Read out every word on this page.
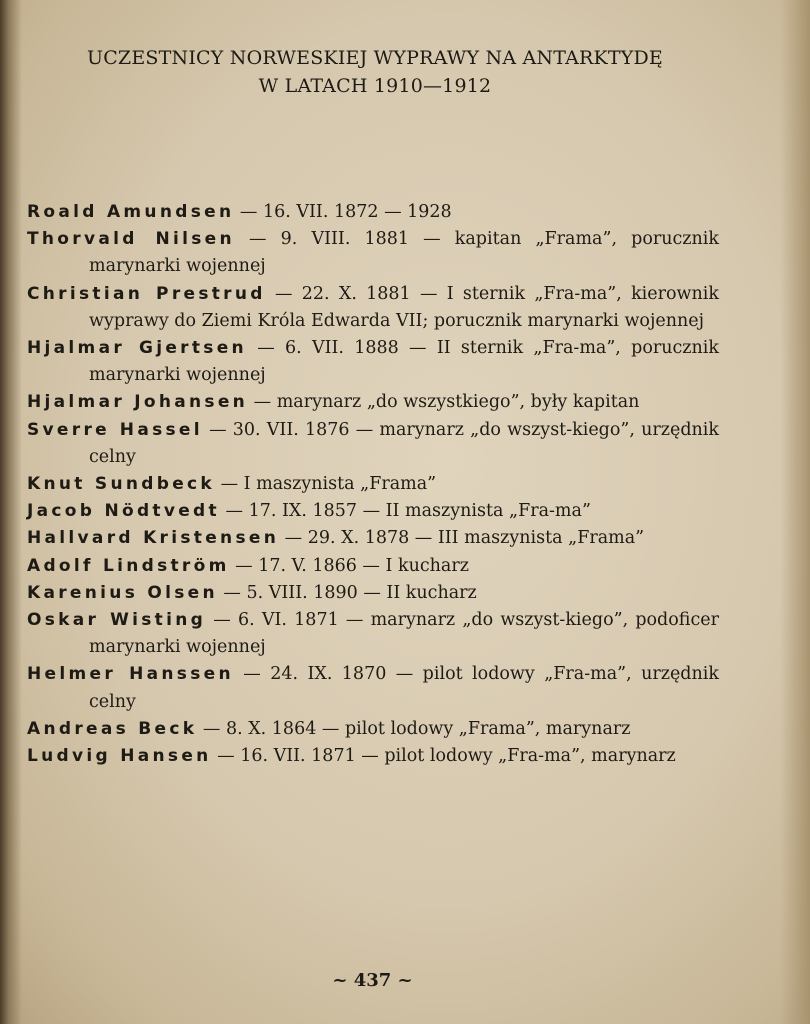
UCZESTNICY NORWESKIEJ WYPRAWY NA ANTARKTYDĘ
W LATACH 1910—1912

Roald Amundsen — 16. VII. 1872 — 1928

Thorvald Nilsen — 9. VIII. 1881 — kapitan „Frama”, porucznik marynarki wojennej

Christian Prestrud — 22. X. 1881 — I sternik „Fra-ma”, kierownik wyprawy do Ziemi Króla Edwarda VII; porucznik marynarki wojennej

Hjalmar Gjertsen — 6. VII. 1888 — II sternik „Fra-ma”, porucznik marynarki wojennej

Hjalmar Johansen — marynarz „do wszystkiego”, były kapitan

Sverre Hassel — 30. VII. 1876 — marynarz „do wszyst-kiego”, urzędnik celny

Knut Sundbeck — I maszynista „Frama”

Jacob Nödtvedt — 17. IX. 1857 — II maszynista „Fra-ma”

Hallvard Kristensen — 29. X. 1878 — III maszynista „Frama”

Adolf Lindström — 17. V. 1866 — I kucharz

Karenius Olsen — 5. VIII. 1890 — II kucharz

Oskar Wisting — 6. VI. 1871 — marynarz „do wszyst-kiego”, podoficer marynarki wojennej

Helmer Hanssen — 24. IX. 1870 — pilot lodowy „Fra-ma”, urzędnik celny

Andreas Beck — 8. X. 1864 — pilot lodowy „Frama”, marynarz

Ludvig Hansen — 16. VII. 1871 — pilot lodowy „Fra-ma”, marynarz

~ 437 ~
